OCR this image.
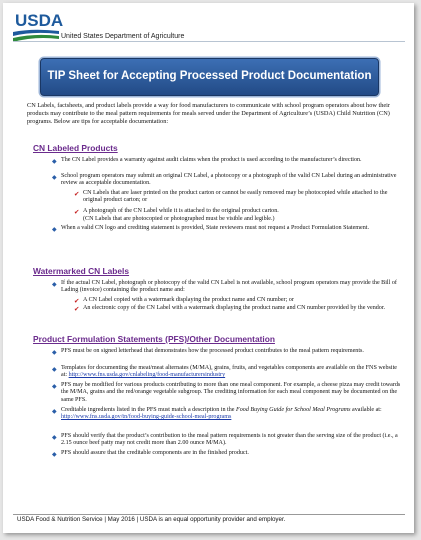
USDA
United States Department of Agriculture
TIP Sheet for Accepting Processed Product Documentation
CN Labels, factsheets, and product labels provide a way for food manufacturers to communicate with school program operators about how their products may contribute to the meal pattern requirements for meals served under the Department of Agriculture’s (USDA) Child Nutrition (CN) programs. Below are tips for acceptable documentation:
CN Labeled Products
◆ The CN Label provides a warranty against audit claims when the product is used according to the manufacturer’s direction.
◆ School program operators may submit an original CN Label, a photocopy or a photograph of the valid CN Label during an administrative review as acceptable documentation.
✔ CN Labels that are laser printed on the product carton or cannot be easily removed may be photocopied while attached to the original product carton; or
✔ A photograph of the CN Label while it is attached to the original product carton.
(CN Labels that are photocopied or photographed must be visible and legible.)
◆ When a valid CN logo and crediting statement is provided, State reviewers must not request a Product Formulation Statement.
Watermarked CN Labels
◆ If the actual CN Label, photograph or photocopy of the valid CN Label is not available, school program operators may provide the Bill of Lading (invoice) containing the product name and:
✔ A CN Label copied with a watermark displaying the product name and CN number; or
✔ An electronic copy of the CN Label with a watermark displaying the product name and CN number provided by the vendor.
Product Formulation Statements (PFS)/Other Documentation
◆ PFS must be on signed letterhead that demonstrates how the processed product contributes to the meal pattern requirements.
◆ Templates for documenting the meat/meat alternates (M/MA), grains, fruits, and vegetables components are available on the FNS website at: http://www.fns.usda.gov/cnlabeling/food-manufacturersindustry
◆ PFS may be modified for various products contributing to more than one meal component. For example, a cheese pizza may credit towards the M/MA, grains and the red/orange vegetable subgroup. The crediting information for each meal component may be documented on the same PFS.
◆ Creditable ingredients listed in the PFS must match a description in the Food Buying Guide for School Meal Programs available at: http://www.fns.usda.gov/tn/food-buying-guide-school-meal-programs
◆ PFS should verify that the product’s contribution to the meal pattern requirements is not greater than the serving size of the product (i.e., a 2.15 ounce beef patty may not credit more than 2.00 ounce M/MA).
◆ PFS should assure that the creditable components are in the finished product.
USDA Food & Nutrition Service | May 2016 | USDA is an equal opportunity provider and employer.
